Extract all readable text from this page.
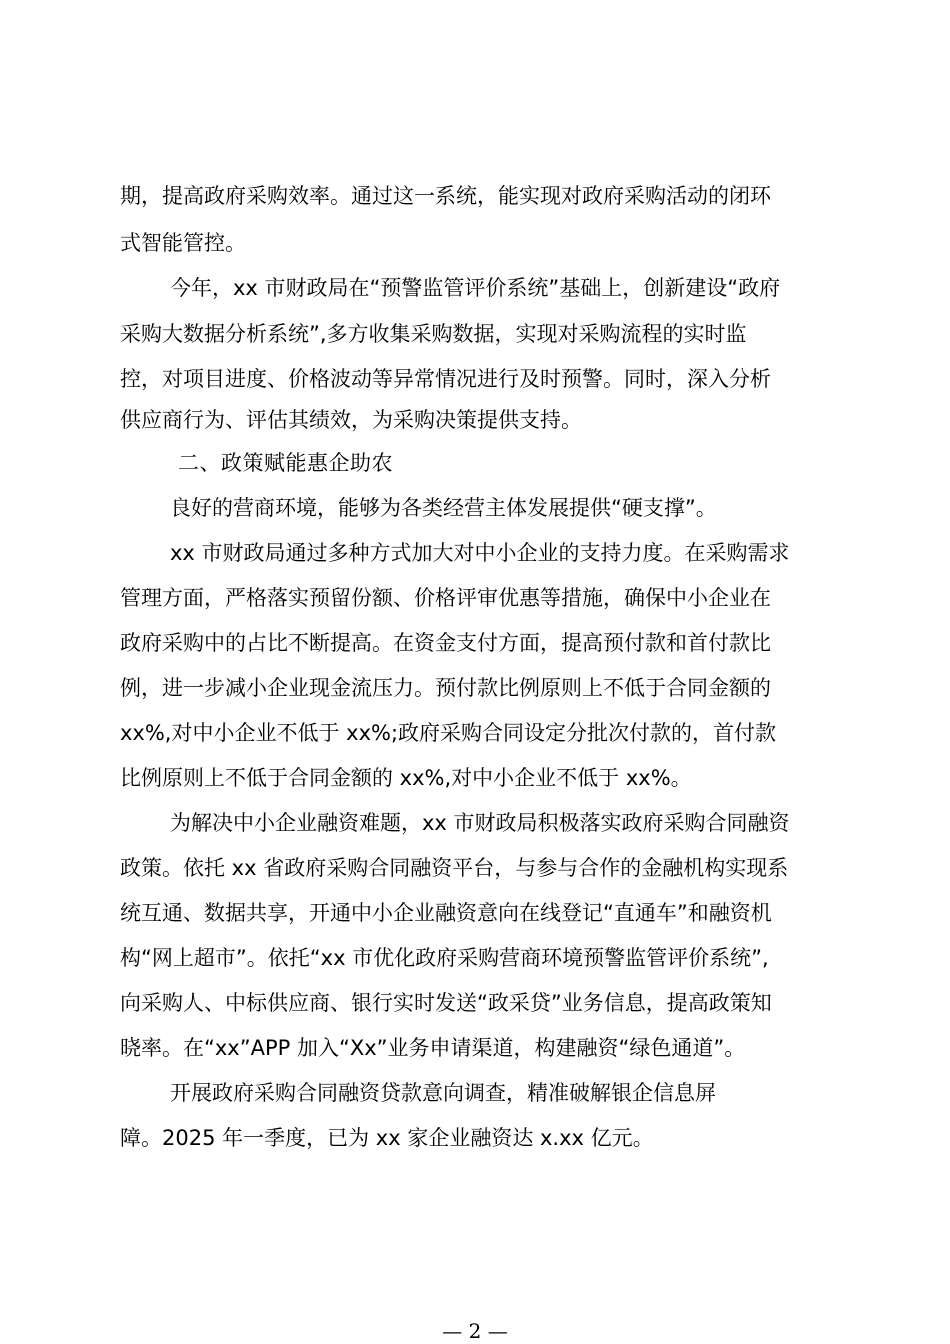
期，提高政府采购效率。通过这一系统，能实现对政府采购活动的闭环
式智能管控。
今年，xx 市财政局在“预警监管评价系统”基础上，创新建设“政府
采购大数据分析系统”,多方收集采购数据，实现对采购流程的实时监
控，对项目进度、价格波动等异常情况进行及时预警。同时，深入分析
供应商行为、评估其绩效，为采购决策提供支持。
二、政策赋能惠企助农
良好的营商环境，能够为各类经营主体发展提供“硬支撑”。
xx 市财政局通过多种方式加大对中小企业的支持力度。在采购需求
管理方面，严格落实预留份额、价格评审优惠等措施，确保中小企业在
政府采购中的占比不断提高。在资金支付方面，提高预付款和首付款比
例，进一步减小企业现金流压力。预付款比例原则上不低于合同金额的
xx%,对中小企业不低于 xx%;政府采购合同设定分批次付款的，首付款
比例原则上不低于合同金额的 xx%,对中小企业不低于 xx%。
为解决中小企业融资难题，xx 市财政局积极落实政府采购合同融资
政策。依托 xx 省政府采购合同融资平台，与参与合作的金融机构实现系
统互通、数据共享，开通中小企业融资意向在线登记“直通车”和融资机
构“网上超市”。依托“xx 市优化政府采购营商环境预警监管评价系统”,
向采购人、中标供应商、银行实时发送“政采贷”业务信息，提高政策知
晓率。在“xx”APP 加入“Xx”业务申请渠道，构建融资“绿色通道”。
开展政府采购合同融资贷款意向调查，精准破解银企信息屏
障。2025 年一季度，已为 xx 家企业融资达 x.xx 亿元。
— 2 —
